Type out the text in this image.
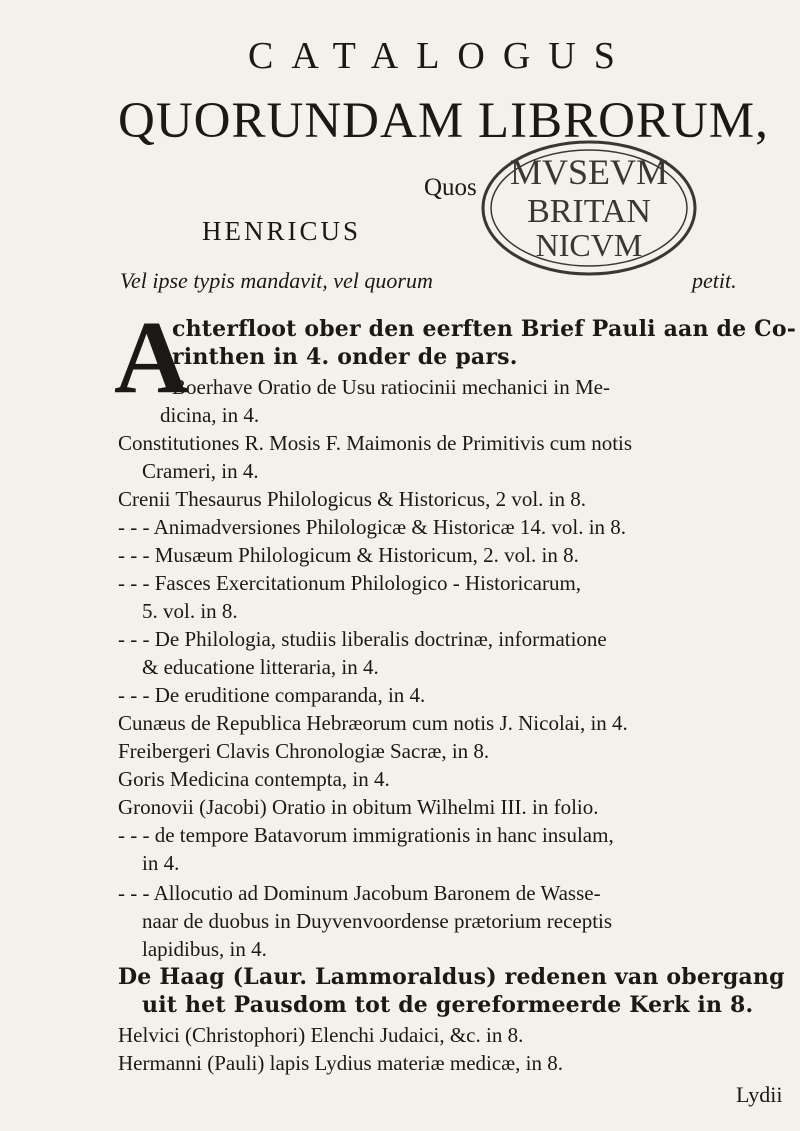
CATALOGUS
QUORUNDAM LIBRORUM,
Quos
HENRICUS
Vel ipse typis mandavit, vel quorum	petit.
MVSEVM
BRITAN
NICVM
A
chterfloot ober den eerften Brief Pauli aan de Co-
rinthen in 4. onder de pars.
Boerhave Oratio de Usu ratiocinii mechanici in Me-
dicina, in 4.
Constitutiones R. Mosis F. Maimonis de Primitivis cum notis
Crameri, in 4.
Crenii Thesaurus Philologicus & Historicus, 2 vol. in 8.
- - - Animadversiones Philologicæ & Historicæ 14. vol. in 8.
- - - Musæum Philologicum & Historicum, 2. vol. in 8.
- - - Fasces Exercitationum Philologico - Historicarum,
5. vol. in 8.
- - - De Philologia, studiis liberalis doctrinæ, informatione
& educatione litteraria, in 4.
- - - De eruditione comparanda, in 4.
Cunæus de Republica Hebræorum cum notis J. Nicolai, in 4.
Freibergeri Clavis Chronologiæ Sacræ, in 8.
Goris Medicina contempta, in 4.
Gronovii (Jacobi) Oratio in obitum Wilhelmi III. in folio.
- - - de tempore Batavorum immigrationis in hanc insulam,
in 4.
- - - Allocutio ad Dominum Jacobum Baronem de Wasse-
naar de duobus in Duyvenvoordense prætorium receptis
lapidibus, in 4.
De Haag (Laur. Lammoraldus) redenen van obergang
uit het Pausdom tot de gereformeerde Kerk in 8.
Helvici (Christophori) Elenchi Judaici, &c. in 8.
Hermanni (Pauli) lapis Lydius materiæ medicæ, in 8.
Lydii
